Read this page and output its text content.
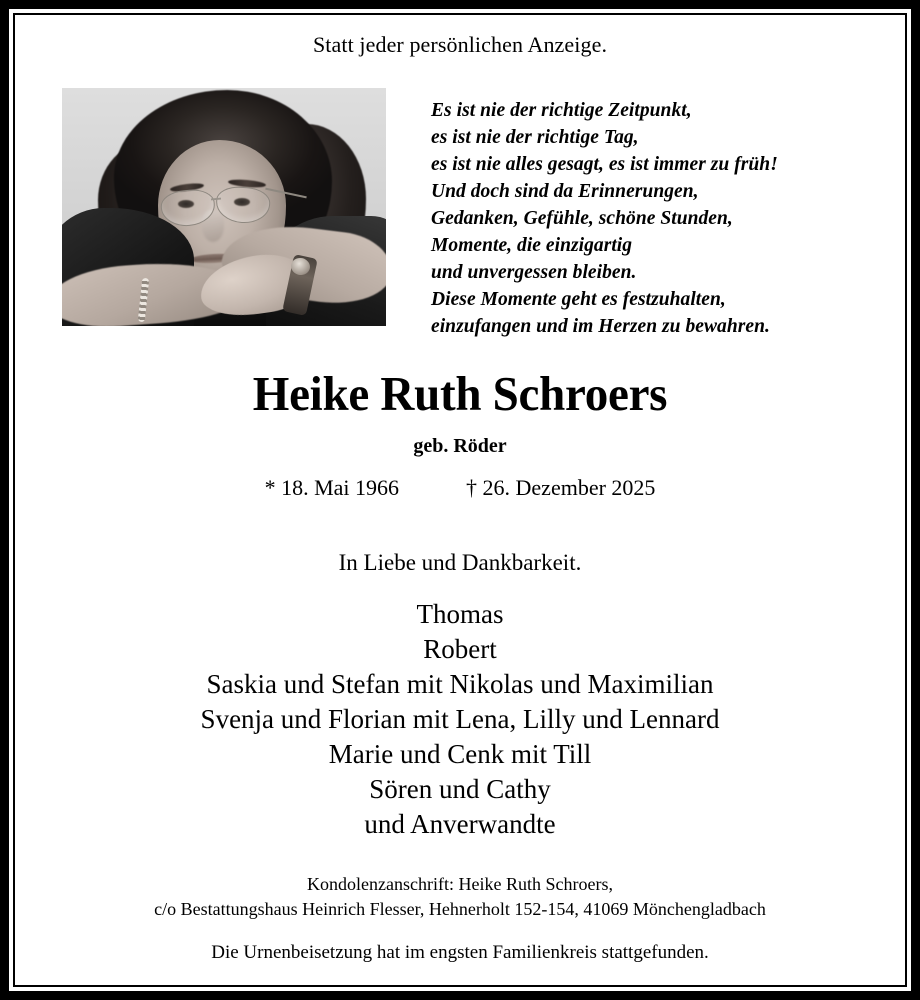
Statt jeder persönlichen Anzeige.
Es ist nie der richtige Zeitpunkt,
es ist nie der richtige Tag,
es ist nie alles gesagt, es ist immer zu früh!
Und doch sind da Erinnerungen,
Gedanken, Gefühle, schöne Stunden,
Momente, die einzigartig
und unvergessen bleiben.
Diese Momente geht es festzuhalten,
einzufangen und im Herzen zu bewahren.
Heike Ruth Schroers
geb. Röder
* 18. Mai 1966	† 26. Dezember 2025
In Liebe und Dankbarkeit.
Thomas
Robert
Saskia und Stefan mit Nikolas und Maximilian
Svenja und Florian mit Lena, Lilly und Lennard
Marie und Cenk mit Till
Sören und Cathy
und Anverwandte
Kondolenzanschrift: Heike Ruth Schroers,
c/o Bestattungshaus Heinrich Flesser, Hehnerholt 152-154, 41069 Mönchengladbach
Die Urnenbeisetzung hat im engsten Familienkreis stattgefunden.
